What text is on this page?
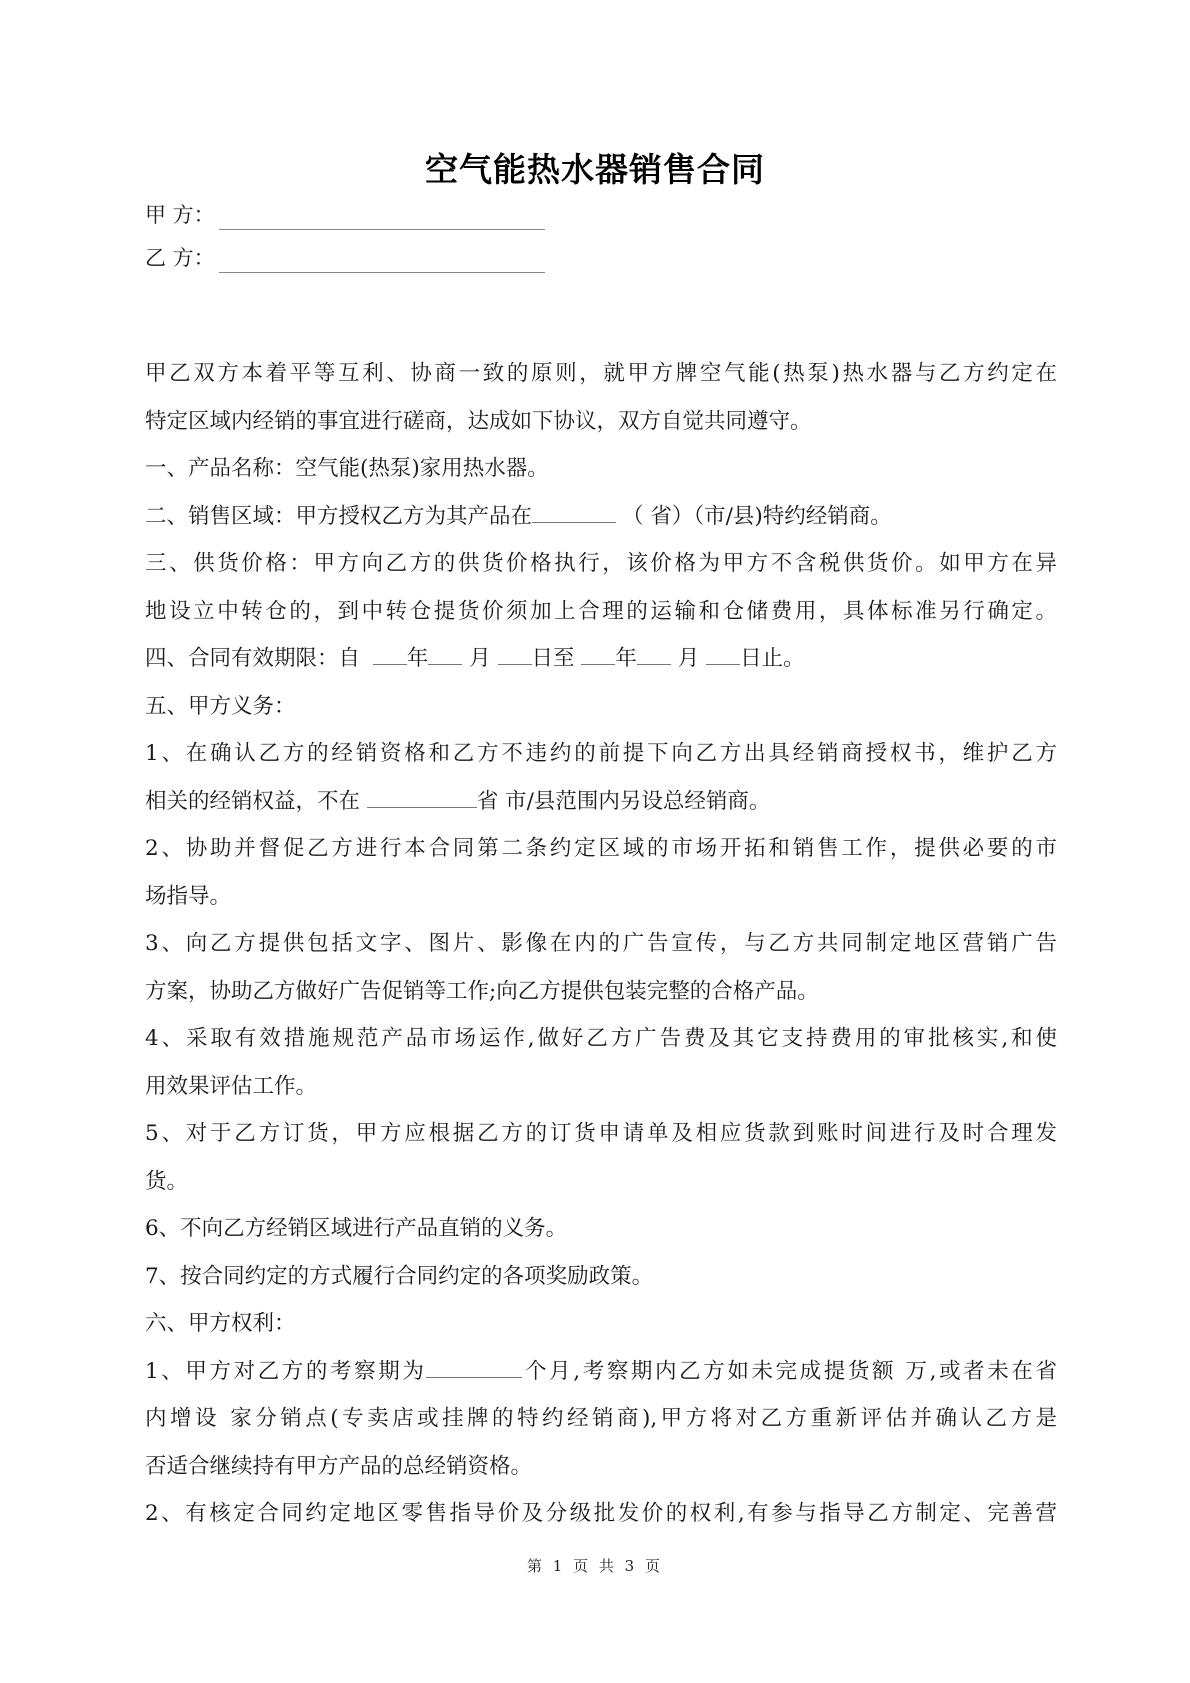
空气能热水器销售合同
甲 方：
乙 方：
甲乙双方本着平等互利、协商一致的原则，就甲方牌空气能(热泵)热水器与乙方约定在
特定区域内经销的事宜进行磋商，达成如下协议，双方自觉共同遵守。
一、产品名称：空气能(热泵)家用热水器。
二、销售区域：甲方授权乙方为其产品在	（ 省）（市/县)特约经销商。
三、供货价格：甲方向乙方的供货价格执行，该价格为甲方不含税供货价。如甲方在异
地设立中转仓的，到中转仓提货价须加上合理的运输和仓储费用，具体标准另行确定。
四、合同有效期限：自 年 月 日至 年 月 日止。
五、甲方义务：
1、在确认乙方的经销资格和乙方不违约的前提下向乙方出具经销商授权书，维护乙方
相关的经销权益，不在	省 市/县范围内另设总经销商。
2、协助并督促乙方进行本合同第二条约定区域的市场开拓和销售工作，提供必要的市
场指导。
3、向乙方提供包括文字、图片、影像在内的广告宣传，与乙方共同制定地区营销广告
方案，协助乙方做好广告促销等工作;向乙方提供包装完整的合格产品。
4、采取有效措施规范产品市场运作,做好乙方广告费及其它支持费用的审批核实,和使
用效果评估工作。
5、对于乙方订货，甲方应根据乙方的订货申请单及相应货款到账时间进行及时合理发
货。
6、不向乙方经销区域进行产品直销的义务。
7、按合同约定的方式履行合同约定的各项奖励政策。
六、甲方权利：
1、甲方对乙方的考察期为	个月,考察期内乙方如未完成提货额 万,或者未在省
内增设 家分销点(专卖店或挂牌的特约经销商),甲方将对乙方重新评估并确认乙方是
否适合继续持有甲方产品的总经销资格。
2、有核定合同约定地区零售指导价及分级批发价的权利,有参与指导乙方制定、完善营
第 1 页 共 3 页
